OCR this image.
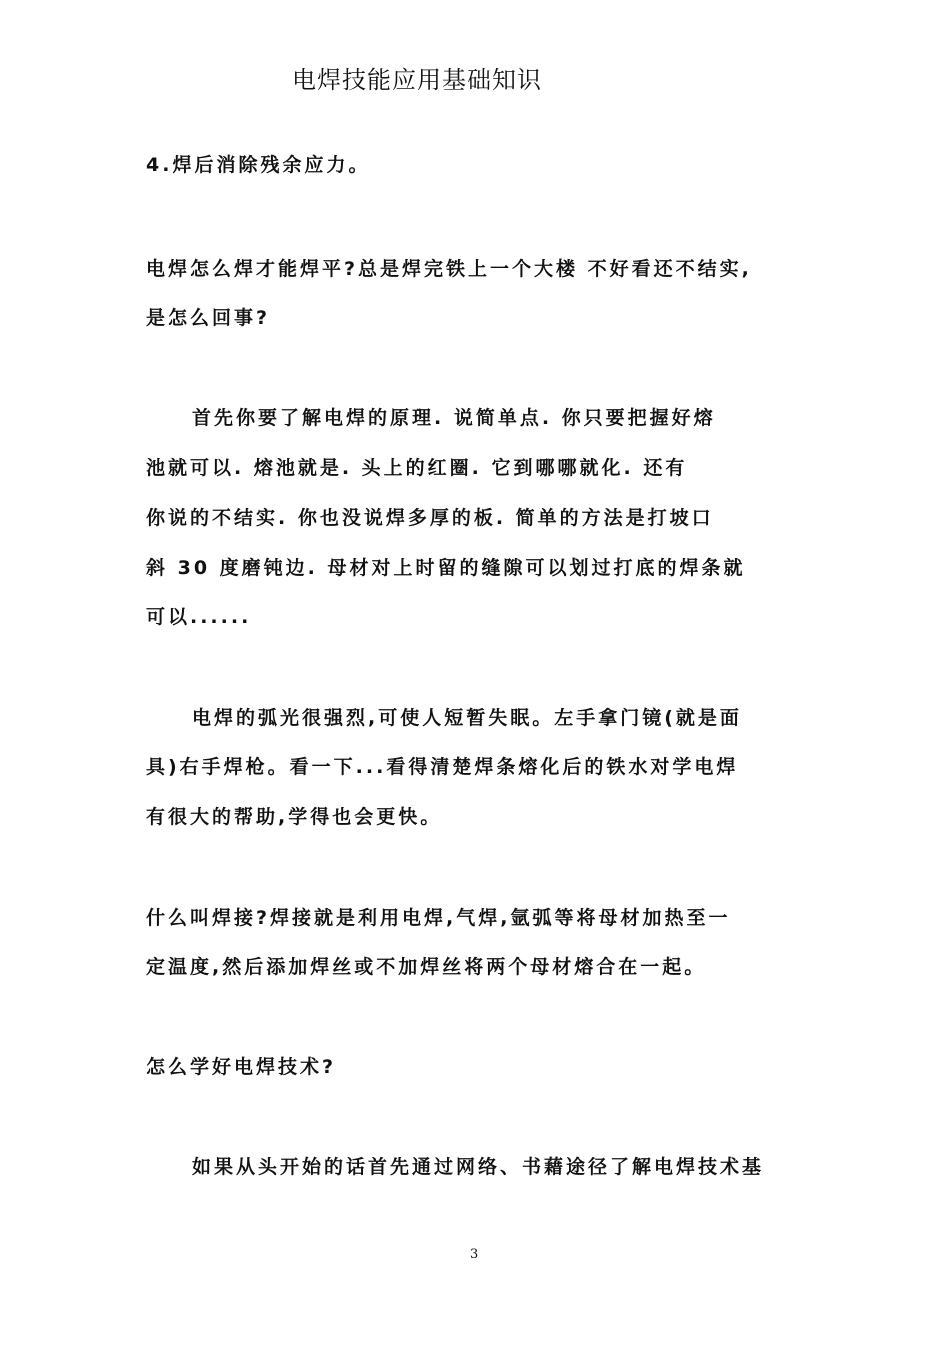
电焊技能应用基础知识
4.焊后消除残余应力。
电焊怎么焊才能焊平?总是焊完铁上一个大楼 不好看还不结实,
是怎么回事?
首先你要了解电焊的原理. 说简单点. 你只要把握好熔
池就可以. 熔池就是. 头上的红圈. 它到哪哪就化. 还有
你说的不结实. 你也没说焊多厚的板. 简单的方法是打坡口
斜 30 度磨钝边. 母材对上时留的缝隙可以划过打底的焊条就
可以......
电焊的弧光很强烈,可使人短暂失眠。左手拿门镜(就是面
具)右手焊枪。看一下...看得清楚焊条熔化后的铁水对学电焊
有很大的帮助,学得也会更快。
什么叫焊接?焊接就是利用电焊,气焊,氩弧等将母材加热至一
定温度,然后添加焊丝或不加焊丝将两个母材熔合在一起。
怎么学好电焊技术?
如果从头开始的话首先通过网络、书藉途径了解电焊技术基
3
